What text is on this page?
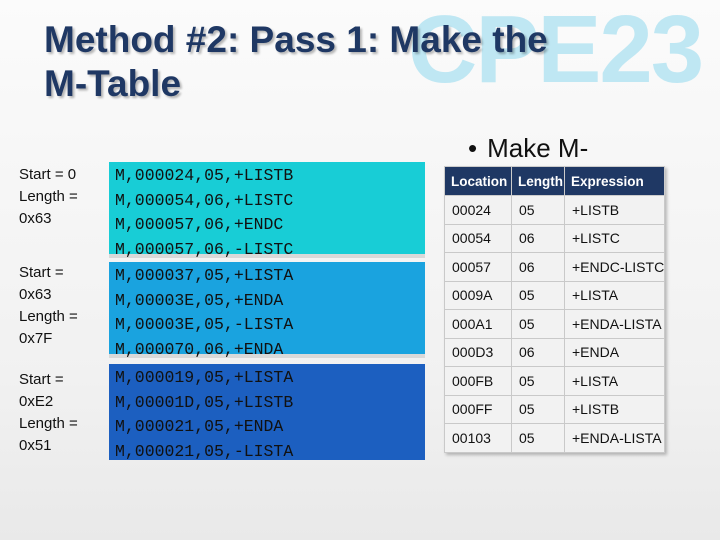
CPE23
Method #2: Pass 1: Make the
M-Table
Start = 0
Length =
0x63
Start =
0x63
Length =
0x7F
Start =
0xE2
Length =
0x51
M,000024,05,+LISTB
M,000054,06,+LISTC
M,000057,06,+ENDC
M,000057,06,-LISTC
M,000037,05,+LISTA
M,00003E,05,+ENDA
M,00003E,05,-LISTA
M,000070,06,+ENDA
M,000019,05,+LISTA
M,00001D,05,+LISTB
M,000021,05,+ENDA
M,000021,05,-LISTA
• Make M-
Location	Length	Expression
00024	05	+LISTB
00054	06	+LISTC
00057	06	+ENDC-LISTC
0009A	05	+LISTA
000A1	05	+ENDA-LISTA
000D3	06	+ENDA
000FB	05	+LISTA
000FF	05	+LISTB
00103	05	+ENDA-LISTA
